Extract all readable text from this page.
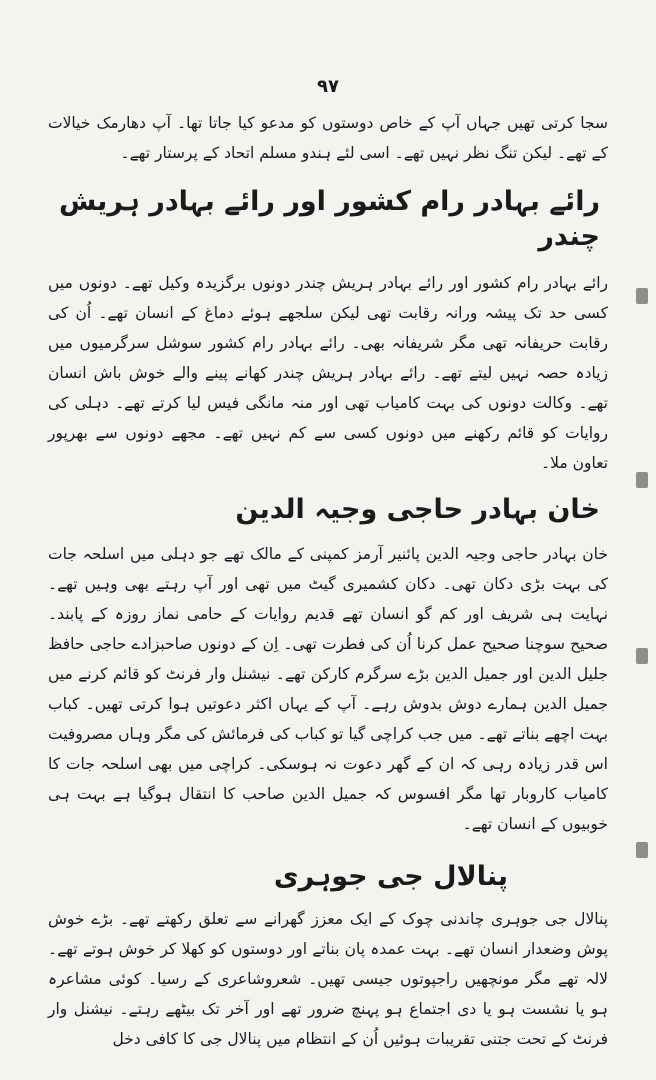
۹۷

سجا کرتی تھیں جہاں آپ کے خاص دوستوں کو مدعو کیا جاتا تھا۔ آپ دھارمک خیالات کے تھے۔ لیکن تنگ نظر نہیں تھے۔ اسی لئے ہندو مسلم اتحاد کے پرستار تھے۔

رائے بہادر رام کشور اور رائے بہادر ہریش چندر

رائے بہادر رام کشور اور رائے بہادر ہریش چندر دونوں برگزیدہ وکیل تھے۔ دونوں میں کسی حد تک پیشہ ورانہ رقابت تھی لیکن سلجھے ہوئے دماغ کے انسان تھے۔ اُن کی رقابت حریفانہ تھی مگر شریفانہ بھی۔ رائے بہادر رام کشور سوشل سرگرمیوں میں زیادہ حصہ نہیں لیتے تھے۔ رائے بہادر ہریش چندر کھانے پینے والے خوش باش انسان تھے۔ وکالت دونوں کی بہت کامیاب تھی اور منہ مانگی فیس لیا کرتے تھے۔ دہلی کی روایات کو قائم رکھنے میں دونوں کسی سے کم نہیں تھے۔ مجھے دونوں سے بھرپور تعاون ملا۔

خان بہادر حاجی وجیہ الدین

خان بہادر حاجی وجیہ الدین پائنیر آرمز کمپنی کے مالک تھے جو دہلی میں اسلحہ جات کی بہت بڑی دکان تھی۔ دکان کشمیری گیٹ میں تھی اور آپ رہتے بھی وہیں تھے۔ نہایت ہی شریف اور کم گو انسان تھے قدیم روایات کے حامی نماز روزہ کے پابند۔ صحیح سوچنا صحیح عمل کرنا اُن کی فطرت تھی۔ اِن کے دونوں صاحبزادے حاجی حافظ جلیل الدین اور جمیل الدین بڑے سرگرم کارکن تھے۔ نیشنل وار فرنٹ کو قائم کرنے میں جمیل الدین ہمارے دوش بدوش رہے۔ آپ کے یہاں اکثر دعوتیں ہوا کرتی تھیں۔ کباب بہت اچھے بناتے تھے۔ میں جب کراچی گیا تو کباب کی فرمائش کی مگر وہاں مصروفیت اس قدر زیادہ رہی کہ ان کے گھر دعوت نہ ہوسکی۔ کراچی میں بھی اسلحہ جات کا کامیاب کاروبار تھا مگر افسوس کہ جمیل الدین صاحب کا انتقال ہوگیا ہے بہت ہی خوبیوں کے انسان تھے۔

پنالال جی جوہری

پنالال جی جوہری چاندنی چوک کے ایک معزز گھرانے سے تعلق رکھتے تھے۔ بڑے خوش پوش وضعدار انسان تھے۔ بہت عمدہ پان بناتے اور دوستوں کو کھلا کر خوش ہوتے تھے۔ لالہ تھے مگر مونچھیں راجپوتوں جیسی تھیں۔ شعروشاعری کے رسیا۔ کوئی مشاعرہ ہو یا نشست ہو یا دی اجتماع ہو پہنچ ضرور تھے اور آخر تک بیٹھے رہتے۔ نیشنل وار فرنٹ کے تحت جتنی تقریبات ہوئیں اُن کے انتظام میں پنالال جی کا کافی دخل
